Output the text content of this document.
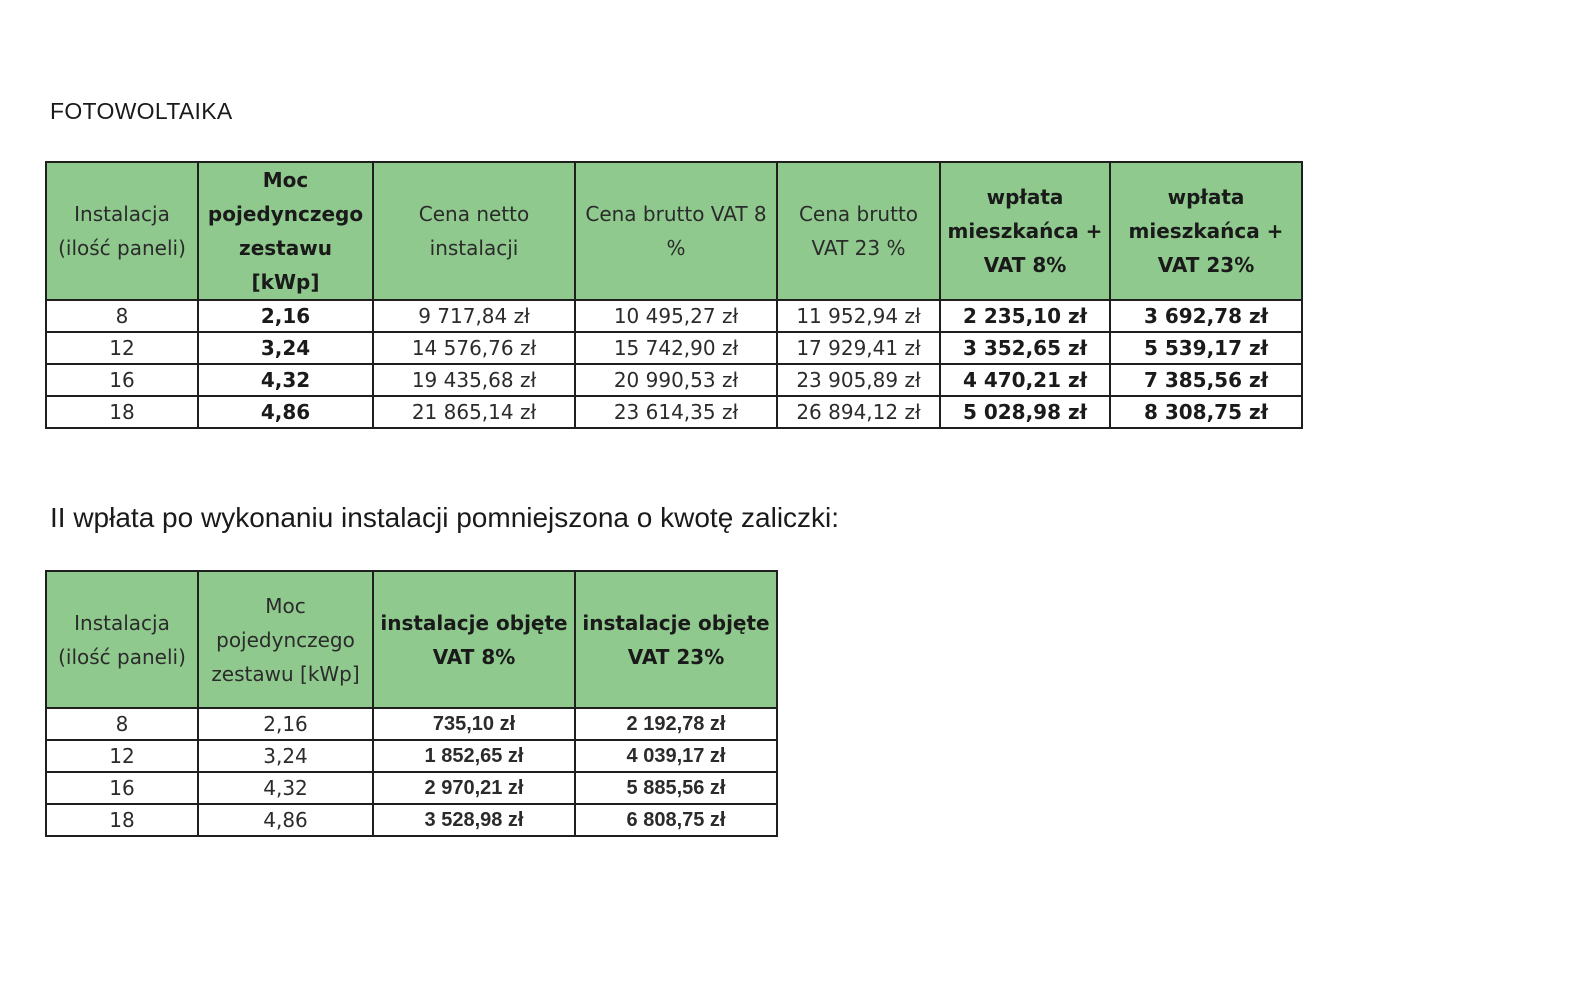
FOTOWOLTAIKA
Instalacja (ilość paneli)	Moc pojedynczego zestawu [kWp]	Cena netto instalacji	Cena brutto VAT 8 %	Cena brutto VAT 23 %	wpłata mieszkańca + VAT 8%	wpłata mieszkańca + VAT 23%
8	2,16	9 717,84 zł	10 495,27 zł	11 952,94 zł	2 235,10 zł	3 692,78 zł
12	3,24	14 576,76 zł	15 742,90 zł	17 929,41 zł	3 352,65 zł	5 539,17 zł
16	4,32	19 435,68 zł	20 990,53 zł	23 905,89 zł	4 470,21 zł	7 385,56 zł
18	4,86	21 865,14 zł	23 614,35 zł	26 894,12 zł	5 028,98 zł	8 308,75 zł
II wpłata po wykonaniu instalacji pomniejszona o kwotę zaliczki:
Instalacja (ilość paneli)	Moc pojedynczego zestawu [kWp]	instalacje objęte VAT 8%	instalacje objęte VAT 23%
8	2,16	735,10 zł	2 192,78 zł
12	3,24	1 852,65 zł	4 039,17 zł
16	4,32	2 970,21 zł	5 885,56 zł
18	4,86	3 528,98 zł	6 808,75 zł
